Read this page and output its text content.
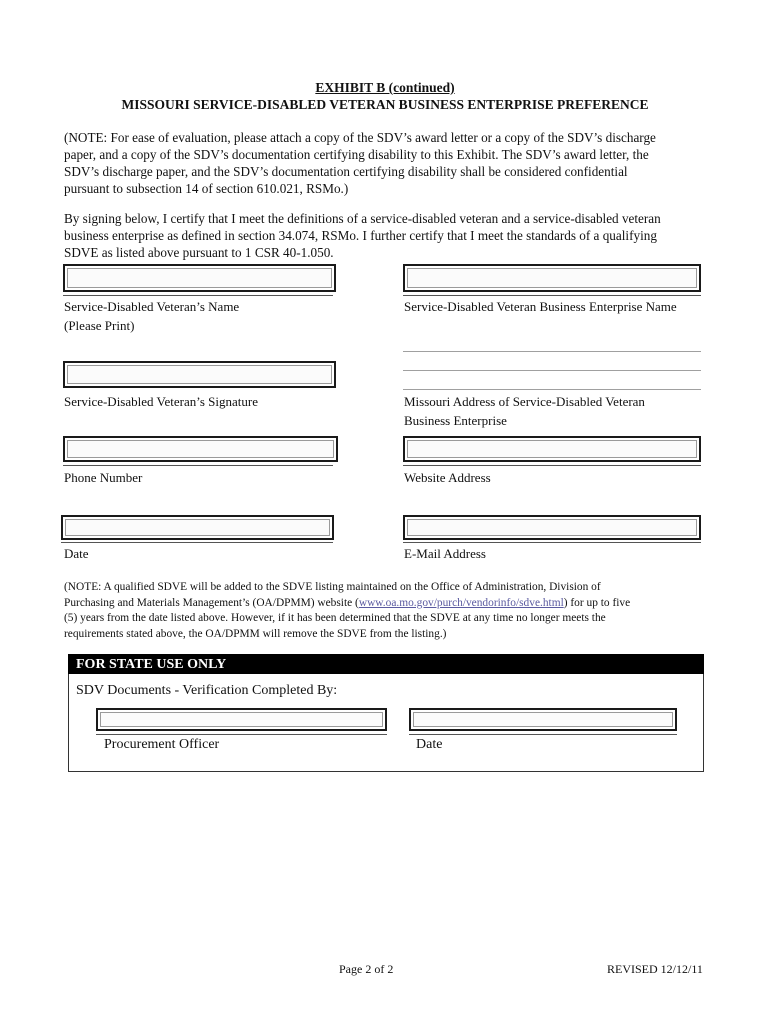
EXHIBIT B (continued)
MISSOURI SERVICE-DISABLED VETERAN BUSINESS ENTERPRISE PREFERENCE
(NOTE: For ease of evaluation, please attach a copy of the SDV’s award letter or a copy of the SDV’s discharge
paper, and a copy of the SDV’s documentation certifying disability to this Exhibit. The SDV’s award letter, the
SDV’s discharge paper, and the SDV’s documentation certifying disability shall be considered confidential
pursuant to subsection 14 of section 610.021, RSMo.)
By signing below, I certify that I meet the definitions of a service-disabled veteran and a service-disabled veteran
business enterprise as defined in section 34.074, RSMo. I further certify that I meet the standards of a qualifying
SDVE as listed above pursuant to 1 CSR 40-1.050.
Service-Disabled Veteran’s Name
(Please Print)
Service-Disabled Veteran Business Enterprise Name
Service-Disabled Veteran’s Signature	Missouri Address of Service-Disabled Veteran
Business Enterprise
Phone Number	Website Address
Date	E-Mail Address
(NOTE: A qualified SDVE will be added to the SDVE listing maintained on the Office of Administration, Division of
Purchasing and Materials Management’s (OA/DPMM) website (www.oa.mo.gov/purch/vendorinfo/sdve.html) for up to five
(5) years from the date listed above. However, if it has been determined that the SDVE at any time no longer meets the
requirements stated above, the OA/DPMM will remove the SDVE from the listing.)
FOR STATE USE ONLY
SDV Documents - Verification Completed By:
Procurement Officer	Date
Page 2 of 2	REVISED 12/12/11
